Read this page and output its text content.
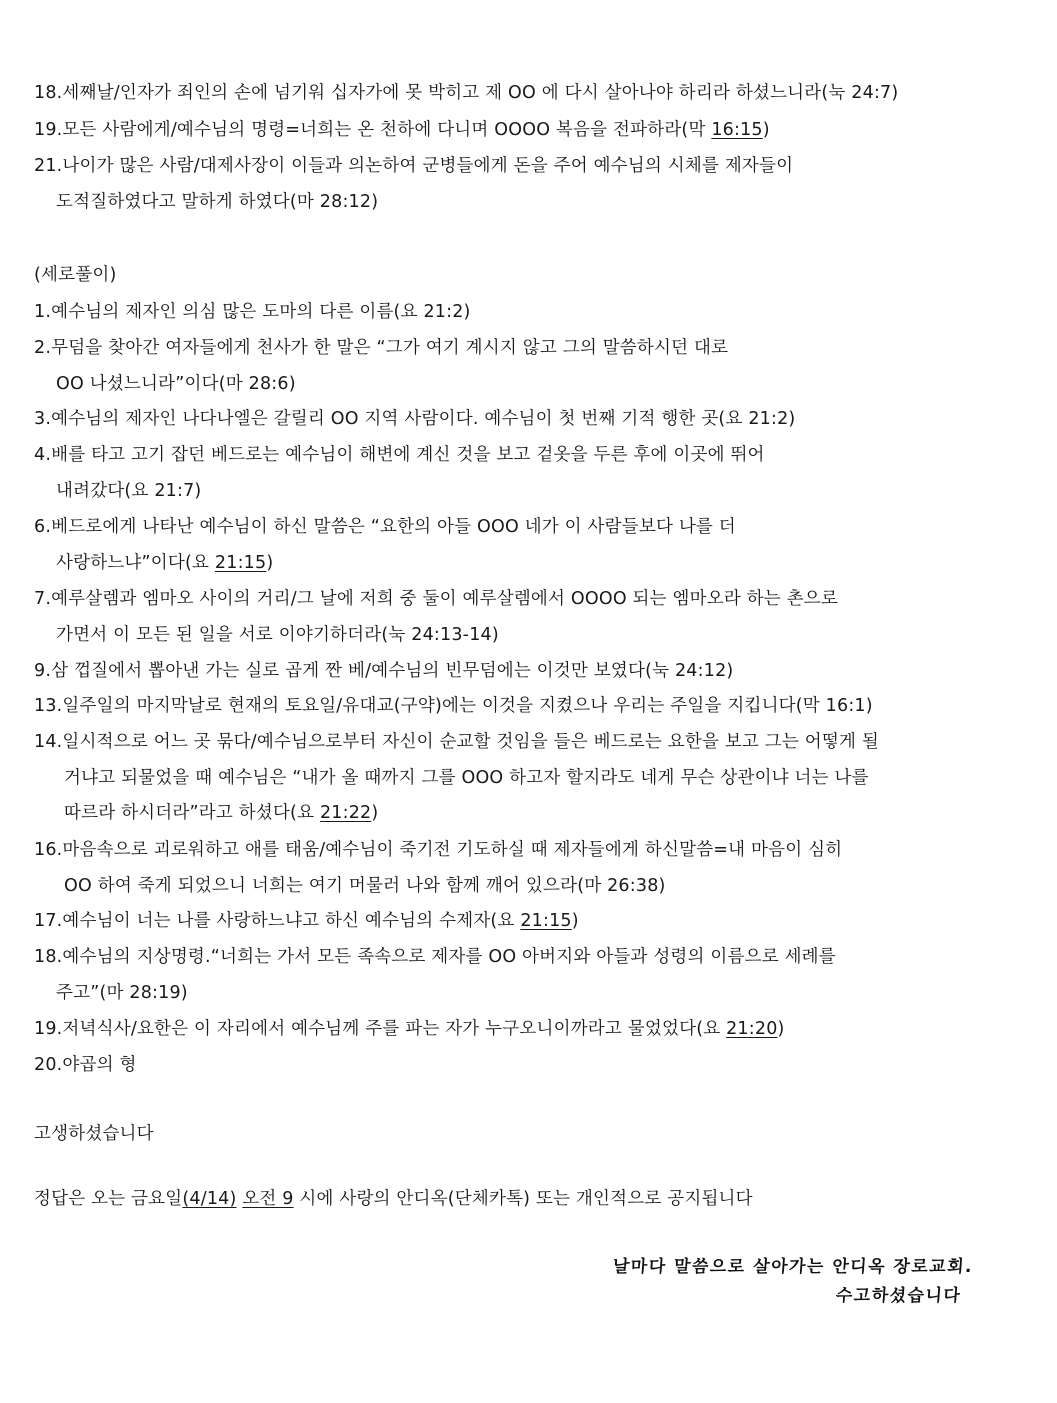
18.세째날/인자가 죄인의 손에 넘기워 십자가에 못 박히고 제 OO 에 다시 살아나야 하리라 하셨느니라(눅 24:7)
19.모든 사람에게/예수님의 명령=너희는 온 천하에 다니며 OOOO 복음을 전파하라(막 16:15)
21.나이가 많은 사람/대제사장이 이들과 의논하여 군병들에게 돈을 주어 예수님의 시체를 제자들이
도적질하였다고 말하게 하였다(마 28:12)
(세로풀이)
1.예수님의 제자인 의심 많은 도마의 다른 이름(요 21:2)
2.무덤을 찾아간 여자들에게 천사가 한 말은 “그가 여기 계시지 않고 그의 말씀하시던 대로
OO 나셨느니라”이다(마 28:6)
3.예수님의 제자인 나다나엘은 갈릴리 OO 지역 사람이다. 예수님이 첫 번째 기적 행한 곳(요 21:2)
4.배를 타고 고기 잡던 베드로는 예수님이 해변에 계신 것을 보고 겉옷을 두른 후에 이곳에 뛰어
내려갔다(요 21:7)
6.베드로에게 나타난 예수님이 하신 말씀은 “요한의 아들 OOO 네가 이 사람들보다 나를 더
사랑하느냐”이다(요 21:15)
7.예루살렘과 엠마오 사이의 거리/그 날에 저희 중 둘이 예루살렘에서 OOOO 되는 엠마오라 하는 촌으로
가면서 이 모든 된 일을 서로 이야기하더라(눅 24:13-14)
9.삼 껍질에서 뽑아낸 가는 실로 곱게 짠 베/예수님의 빈무덤에는 이것만 보였다(눅 24:12)
13.일주일의 마지막날로 현재의 토요일/유대교(구약)에는 이것을 지켰으나 우리는 주일을 지킵니다(막 16:1)
14.일시적으로 어느 곳 묶다/예수님으로부터 자신이 순교할 것임을 들은 베드로는 요한을 보고 그는 어떻게 될
거냐고 되물었을 때 예수님은 “내가 올 때까지 그를 OOO 하고자 할지라도 네게 무슨 상관이냐 너는 나를
따르라 하시더라”라고 하셨다(요 21:22)
16.마음속으로 괴로워하고 애를 태움/예수님이 죽기전 기도하실 때 제자들에게 하신말씀=내 마음이 심히
OO 하여 죽게 되었으니 너희는 여기 머물러 나와 함께 깨어 있으라(마 26:38)
17.예수님이 너는 나를 사랑하느냐고 하신 예수님의 수제자(요 21:15)
18.예수님의 지상명령.“너희는 가서 모든 족속으로 제자를 OO 아버지와 아들과 성령의 이름으로 세례를
주고”(마 28:19)
19.저녁식사/요한은 이 자리에서 예수님께 주를 파는 자가 누구오니이까라고 물었었다(요 21:20)
20.야곱의 형
고생하셨습니다
정답은 오는 금요일(4/14) 오전 9 시에 사랑의 안디옥(단체카톡) 또는 개인적으로 공지됩니다
날마다 말씀으로 살아가는 안디옥 장로교회.
수고하셨습니다
